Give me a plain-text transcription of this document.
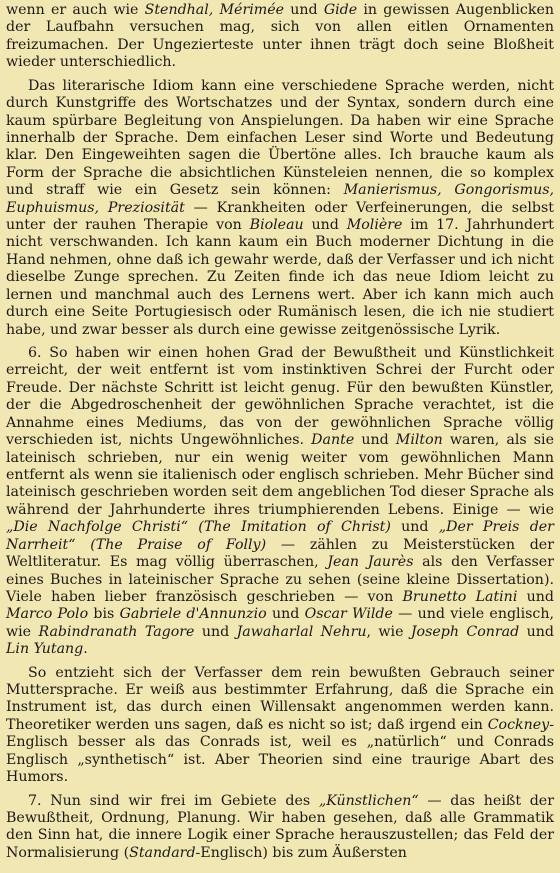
wenn er auch wie Stendhal, Mérimée und Gide in gewissen Augenblicken der Laufbahn versuchen mag, sich von allen eitlen Ornamenten freizumachen. Der Ungezierteste unter ihnen trägt doch seine Bloßheit wieder unterschiedlich.

Das literarische Idiom kann eine verschiedene Sprache werden, nicht durch Kunstgriffe des Wortschatzes und der Syntax, sondern durch eine kaum spürbare Begleitung von Anspielungen. Da haben wir eine Sprache innerhalb der Sprache. Dem einfachen Leser sind Worte und Bedeutung klar. Den Eingeweihten sagen die Übertöne alles. Ich brauche kaum als Form der Sprache die absichtlichen Künsteleien nennen, die so komplex und straff wie ein Gesetz sein können: Manierismus, Gongorismus, Euphuismus, Preziosität — Krankheiten oder Verfeinerungen, die selbst unter der rauhen Therapie von Bioleau und Molière im 17. Jahrhundert nicht verschwanden. Ich kann kaum ein Buch moderner Dichtung in die Hand nehmen, ohne daß ich gewahr werde, daß der Verfasser und ich nicht dieselbe Zunge sprechen. Zu Zeiten finde ich das neue Idiom leicht zu lernen und manchmal auch des Lernens wert. Aber ich kann mich auch durch eine Seite Portugiesisch oder Rumänisch lesen, die ich nie studiert habe, und zwar besser als durch eine gewisse zeitgenössische Lyrik.

6. So haben wir einen hohen Grad der Bewußtheit und Künstlichkeit erreicht, der weit entfernt ist vom instinktiven Schrei der Furcht oder Freude. Der nächste Schritt ist leicht genug. Für den bewußten Künstler, der die Abgedroschenheit der gewöhnlichen Sprache verachtet, ist die Annahme eines Mediums, das von der gewöhnlichen Sprache völlig verschieden ist, nichts Ungewöhnliches. Dante und Milton waren, als sie lateinisch schrieben, nur ein wenig weiter vom gewöhnlichen Mann entfernt als wenn sie italienisch oder englisch schrieben. Mehr Bücher sind lateinisch geschrieben worden seit dem angeblichen Tod dieser Sprache als während der Jahrhunderte ihres triumphierenden Lebens. Einige — wie „Die Nachfolge Christi“ (The Imitation of Christ) und „Der Preis der Narrheit“ (The Praise of Folly) — zählen zu Meisterstücken der Weltliteratur. Es mag völlig überraschen, Jean Jaurès als den Verfasser eines Buches in lateinischer Sprache zu sehen (seine kleine Dissertation). Viele haben lieber französisch geschrieben — von Brunetto Latini und Marco Polo bis Gabriele d'Annunzio und Oscar Wilde — und viele englisch, wie Rabindranath Tagore und Jawaharlal Nehru, wie Joseph Conrad und Lin Yutang.

So entzieht sich der Verfasser dem rein bewußten Gebrauch seiner Muttersprache. Er weiß aus bestimmter Erfahrung, daß die Sprache ein Instrument ist, das durch einen Willensakt angenommen werden kann. Theoretiker werden uns sagen, daß es nicht so ist; daß irgend ein Cockney-Englisch besser als das Conrads ist, weil es „natürlich“ und Conrads Englisch „synthetisch“ ist. Aber Theorien sind eine traurige Abart des Humors.

7. Nun sind wir frei im Gebiete des „Künstlichen“ — das heißt der Bewußtheit, Ordnung, Planung. Wir haben gesehen, daß alle Grammatik den Sinn hat, die innere Logik einer Sprache herauszustellen; das Feld der Normalisierung (Standard-Englisch) bis zum Äußersten
